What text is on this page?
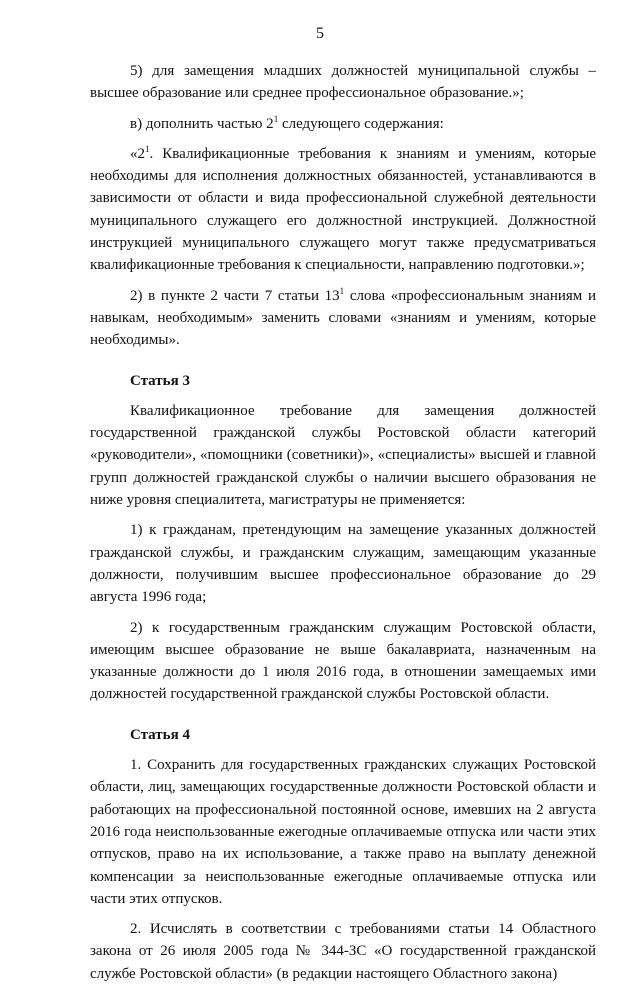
5

5) для замещения младших должностей муниципальной службы – высшее образование или среднее профессиональное образование.»;

в) дополнить частью $2^1$ следующего содержания:

«$2^1$. Квалификационные требования к знаниям и умениям, которые необходимы для исполнения должностных обязанностей, устанавливаются в зависимости от области и вида профессиональной служебной деятельности муниципального служащего его должностной инструкцией. Должностной инструкцией муниципального служащего могут также предусматриваться квалификационные требования к специальности, направлению подготовки.»;

2) в пункте 2 части 7 статьи $13^1$ слова «профессиональным знаниям и навыкам, необходимым» заменить словами «знаниям и умениям, которые необходимы».

Статья 3

Квалификационное требование для замещения должностей государственной гражданской службы Ростовской области категорий «руководители», «помощники (советники)», «специалисты» высшей и главной групп должностей гражданской службы о наличии высшего образования не ниже уровня специалитета, магистратуры не применяется:

1) к гражданам, претендующим на замещение указанных должностей гражданской службы, и гражданским служащим, замещающим указанные должности, получившим высшее профессиональное образование до 29 августа 1996 года;

2) к государственным гражданским служащим Ростовской области, имеющим высшее образование не выше бакалавриата, назначенным на указанные должности до 1 июля 2016 года, в отношении замещаемых ими должностей государственной гражданской службы Ростовской области.

Статья 4

1. Сохранить для государственных гражданских служащих Ростовской области, лиц, замещающих государственные должности Ростовской области и работающих на профессиональной постоянной основе, имевших на 2 августа 2016 года неиспользованные ежегодные оплачиваемые отпуска или части этих отпусков, право на их использование, а также право на выплату денежной компенсации за неиспользованные ежегодные оплачиваемые отпуска или части этих отпусков.

2. Исчислять в соответствии с требованиями статьи 14 Областного закона от 26 июля 2005 года № 344-ЗС «О государственной гражданской службе Ростовской области» (в редакции настоящего Областного закона)
